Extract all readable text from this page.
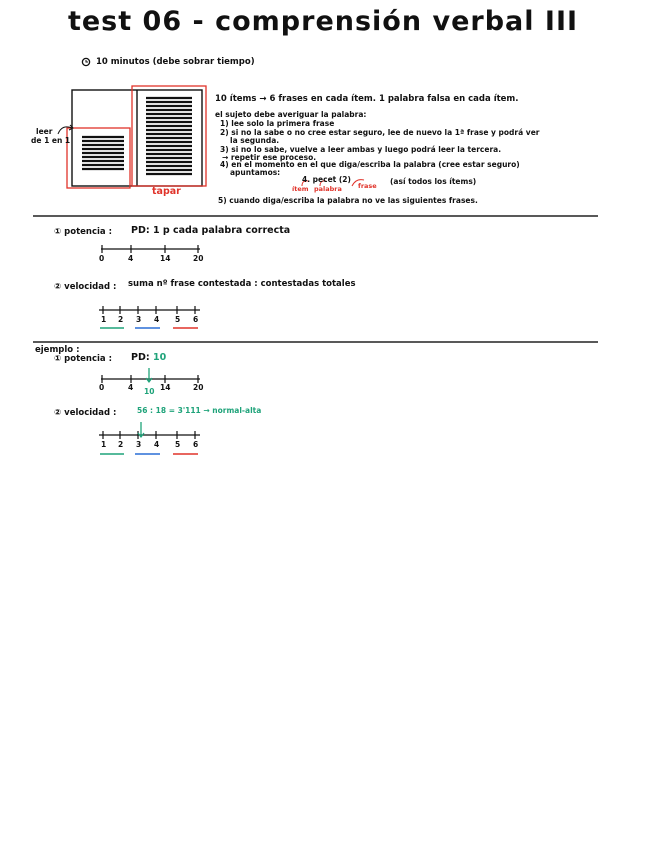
test 06 - comprensión verbal III
10 minutos (debe sobrar tiempo)
leer
de 1 en 1
tapar
10 ítems → 6 frases en cada ítem. 1 palabra falsa en cada ítem.
el sujeto debe averiguar la palabra:
1) lee solo la primera frase
2) si no la sabe o no cree estar seguro, lee de nuevo la 1ª frase y podrá ver
la segunda.
3) si no lo sabe, vuelve a leer ambas y luego podrá leer la tercera.
→ repetir ese proceso.
4) en el momento en el que diga/escriba la palabra (cree estar seguro)
apuntamos:
4. pecet (2)	(así todos los ítems)
ítem palabra frase
5) cuando diga/escriba la palabra no ve las siguientes frases.
① potencia : PD: 1 p cada palabra correcta
0	4	14	20
② velocidad : suma nº frase contestada : contestadas totales
1 2 3 4 5 6
ejemplo :
① potencia : PD: 10
0	4	14	20
10
② velocidad :	56 : 18 = 3'111 → normal-alta
1 2 3 4 5 6
